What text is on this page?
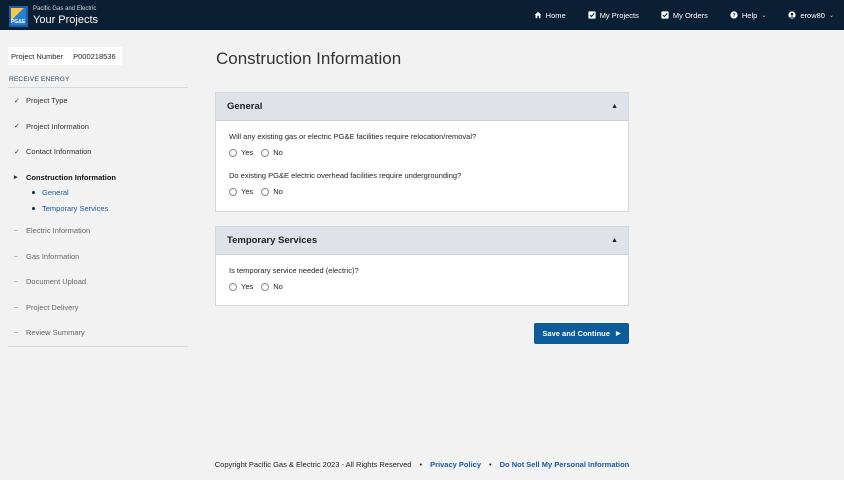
PG&E
Pacific Gas and Electric
Your Projects	Home	My Projects	My Orders	? Help ⌄	erow80 ⌄
Project Number P000218536
RECEIVE ENERGY
✓ Project Type
✓ Project Information
✓ Contact Information
▸	Construction Information
General
Temporary Services
–	Electric Information
–	Gas Information
–	Document Upload
–	Project Delivery
–	Review Summary
Construction Information
General	▲
Will any existing gas or electric PG&E facilities require relocation/removal?
Yes	No
Do existing PG&E electric overhead facilities require undergrounding?
Yes	No
Temporary Services	▲
Is temporary service needed (electric)?
Yes	No
Save and Continue ▶
Copyright Pacific Gas & Electric 2023 - All Rights Reserved • Privacy Policy • Do Not Sell My Personal Information
